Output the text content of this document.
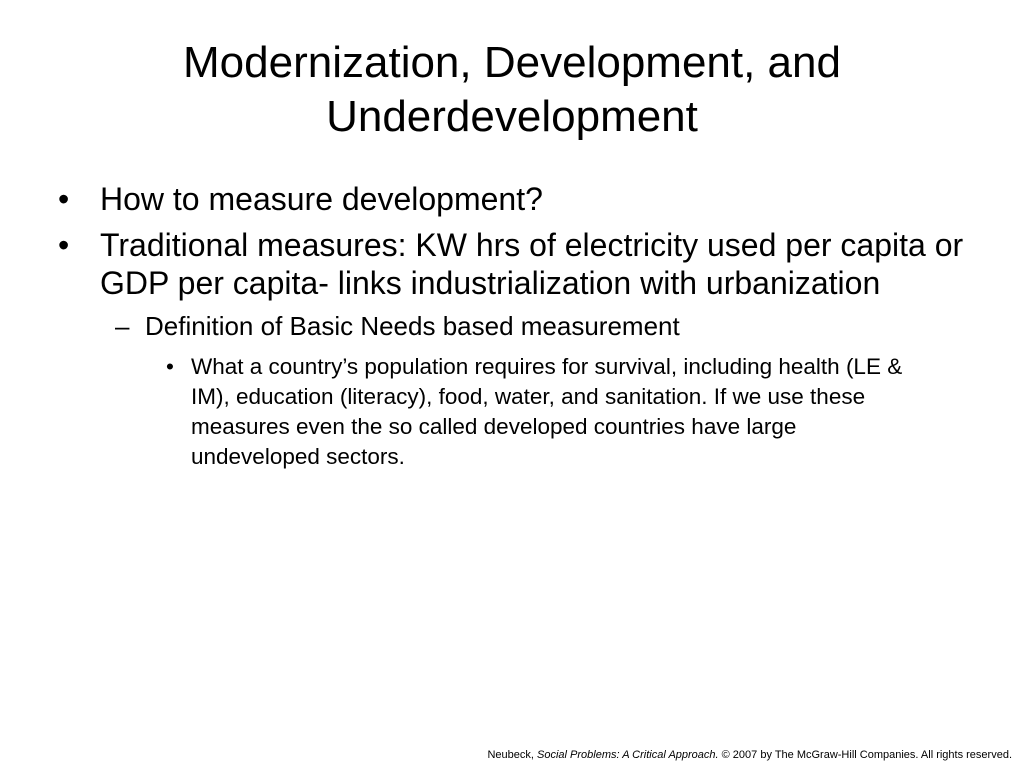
Modernization, Development, and
Underdevelopment
• How to measure development?
• Traditional measures: KW hrs of electricity used per capita or GDP per capita- links industrialization with urbanization
– Definition of Basic Needs based measurement
• What a country’s population requires for survival, including health (LE & IM), education (literacy), food, water, and sanitation. If we use these measures even the so called developed countries have large undeveloped sectors.
Neubeck, Social Problems: A Critical Approach. © 2007 by The McGraw-Hill Companies. All rights reserved.
